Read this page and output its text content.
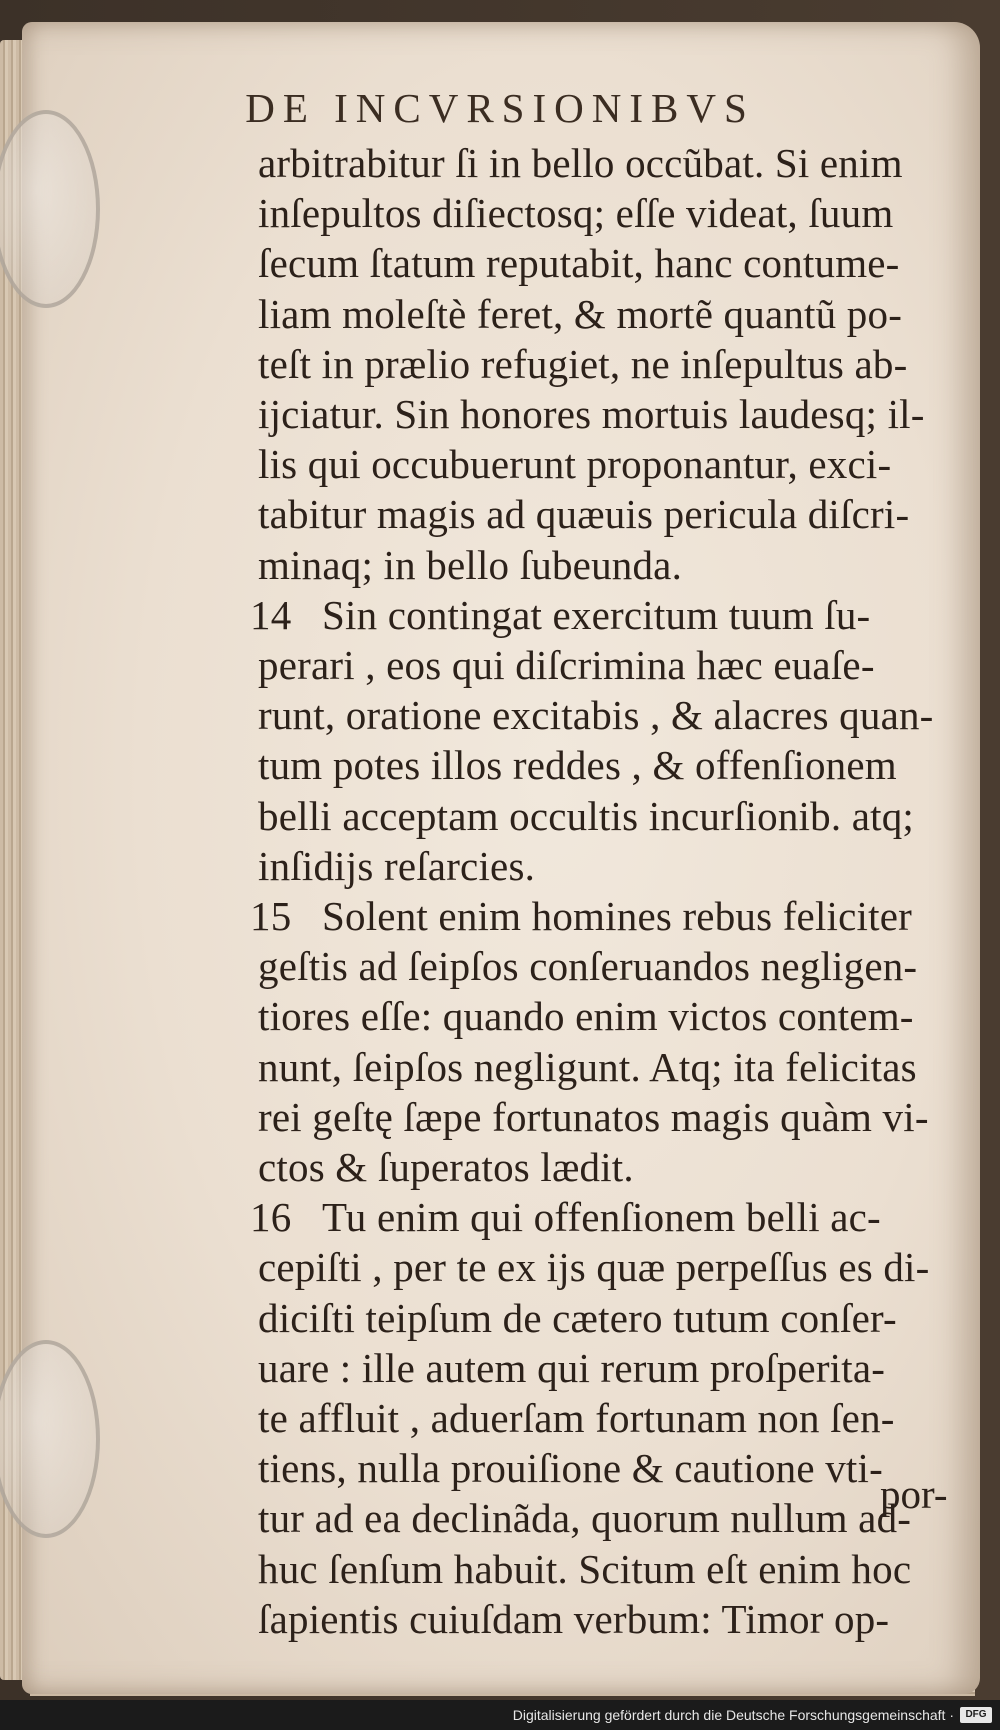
DE INCVRSIONIBVS
arbitrabitur ſi in bello occũbat. Si enim
inſepultos diſiectosq; eſſe videat, ſuum
ſecum ſtatum reputabit, hanc contume-
liam moleſtè feret, & mortẽ quantũ po-
teſt in prælio refugiet, ne inſepultus ab-
ijciatur. Sin honores mortuis laudesq; il-
lis qui occubuerunt proponantur, exci-
tabitur magis ad quæuis pericula diſcri-
minaq; in bello ſubeunda.
14 Sin contingat exercitum tuum ſu-
perari , eos qui diſcrimina hæc euaſe-
runt, oratione excitabis , & alacres quan-
tum potes illos reddes , & offenſionem
belli acceptam occultis incurſionib. atq;
inſidijs reſarcies.
15 Solent enim homines rebus feliciter
geſtis ad ſeipſos conſeruandos negligen-
tiores eſſe: quando enim victos contem-
nunt, ſeipſos negligunt. Atq; ita felicitas
rei geſtę ſæpe fortunatos magis quàm vi-
ctos & ſuperatos lædit.
16 Tu enim qui offenſionem belli ac-
cepiſti , per te ex ijs quæ perpeſſus es di-
diciſti teipſum de cætero tutum conſer-
uare : ille autem qui rerum proſperita-
te affluit , aduerſam fortunam non ſen-
tiens, nulla prouiſione & cautione vti-
tur ad ea declinãda, quorum nullum ad-
huc ſenſum habuit. Scitum eſt enim hoc
ſapientis cuiuſdam verbum: Timor op-
por-
Digitalisierung gefördert durch die Deutsche Forschungsgemeinschaft ·	DFG
